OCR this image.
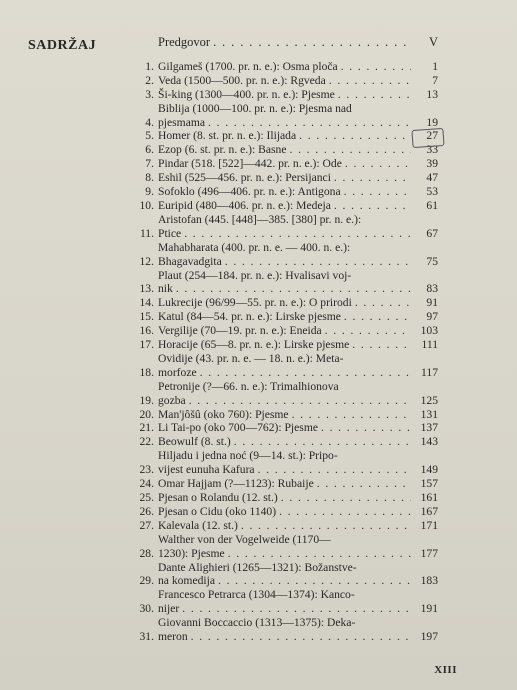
SADRŽAJ	Predgovor . . .	V
1. Gilgameš (1700. pr. n. e.): Osma ploča . . .	1
2. Veda (1500—500. pr. n. e.): Rgveda . . .	7
3. Ši-king (1300—400. pr. n. e.): Pjesme . . .	13
4.
Biblija (1000—100. pr. n. e.): Pjesma nad
pjesmama . . .	19
5. Homer (8. st. pr. n. e.): Ilijada . . .	27
6. Ezop (6. st. pr. n. e.): Basne . . .	33
7. Pindar (518. [522]—442. pr. n. e.): Ode . . .	39
8. Eshil (525—456. pr. n. e.): Persijanci . . .	47
9. Sofoklo (496—406. pr. n. e.): Antigona . . .	53
10. Euripid (480—406. pr. n. e.): Medeja . . .	61
11.
Aristofan (445. [448]—385. [380] pr. n. e.):
Ptice . . .	67
12.
Mahabharata (400. pr. n. e. — 400. n. e.):
Bhagavadgita . . .	75
13.
Plaut (254—184. pr. n. e.): Hvalisavi voj-
nik . . .	83
14. Lukrecije (96/99—55. pr. n. e.): O prirodi . . .	91
15. Katul (84—54. pr. n. e.): Lirske pjesme . . .	97
16. Vergilije (70—19. pr. n. e.): Eneida . . .	103
17. Horacije (65—8. pr. n. e.): Lirske pjesme . . .	111
18.
Ovidije (43. pr. n. e. — 18. n. e.): Meta-
morfoze . . .	117
19.
Petronije (?—66. n. e.): Trimalhionova
gozba . . .	125
20. Man'jôšû (oko 760): Pjesme . . .	131
21. Li Tai-po (oko 700—762): Pjesme . . .	137
22. Beowulf (8. st.) . . .	143
23.
Hiljadu i jedna noć (9—14. st.): Pripo-
vijest eunuha Kafura . . .	149
24. Omar Hajjam (?—1123): Rubaije . . .	157
25. Pjesan o Rolandu (12. st.) . . .	161
26. Pjesan o Cidu (oko 1140) . . .	167
27. Kalevala (12. st.) . . .	171
28.
Walther von der Vogelweide (1170—
1230): Pjesme . . .	177
29.
Dante Alighieri (1265—1321): Božanstve-
na komedija . . .	183
30.
Francesco Petrarca (1304—1374): Kanco-
nijer . . .	191
31.
Giovanni Boccaccio (1313—1375): Deka-
meron . . .	197
XIII
